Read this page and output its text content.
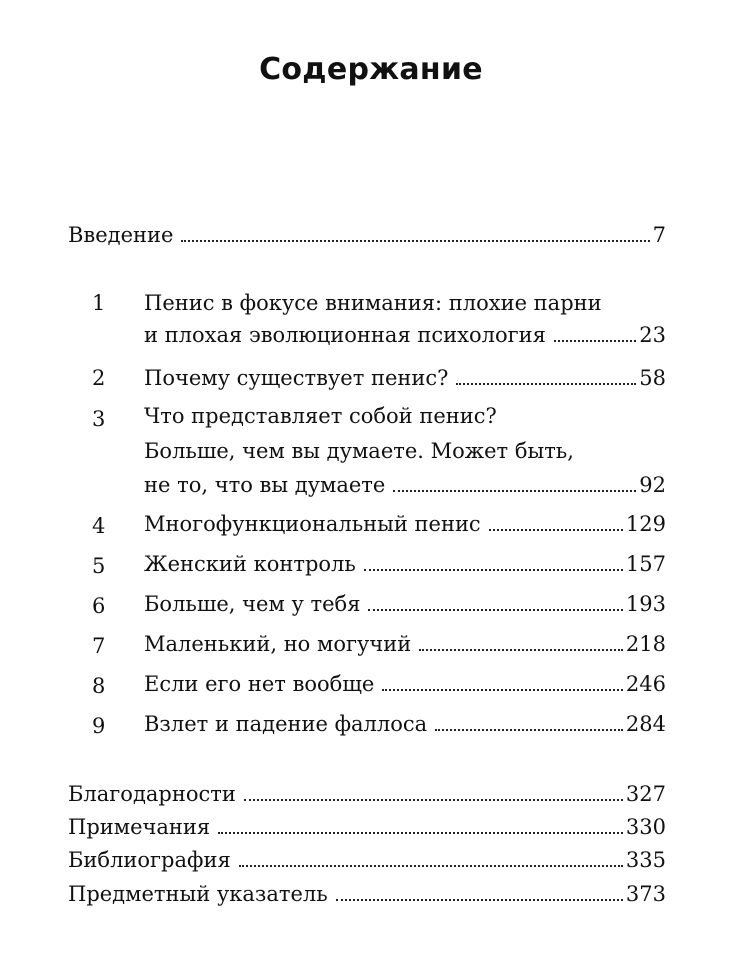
Содержание
Введение	7
1	Пенис в фокусе внимания: плохие парни
и плохая эволюционная психология	23
2	Почему существует пенис?	58
3	Что представляет собой пенис?
Больше, чем вы думаете. Может быть,
не то, что вы думаете	92
4	Многофункциональный пенис	129
5	Женский контроль	157
6	Больше, чем у тебя	193
7	Маленький, но могучий	218
8	Если его нет вообще	246
9	Взлет и падение фаллоса	284
Благодарности	327
Примечания	330
Библиография	335
Предметный указатель	373
